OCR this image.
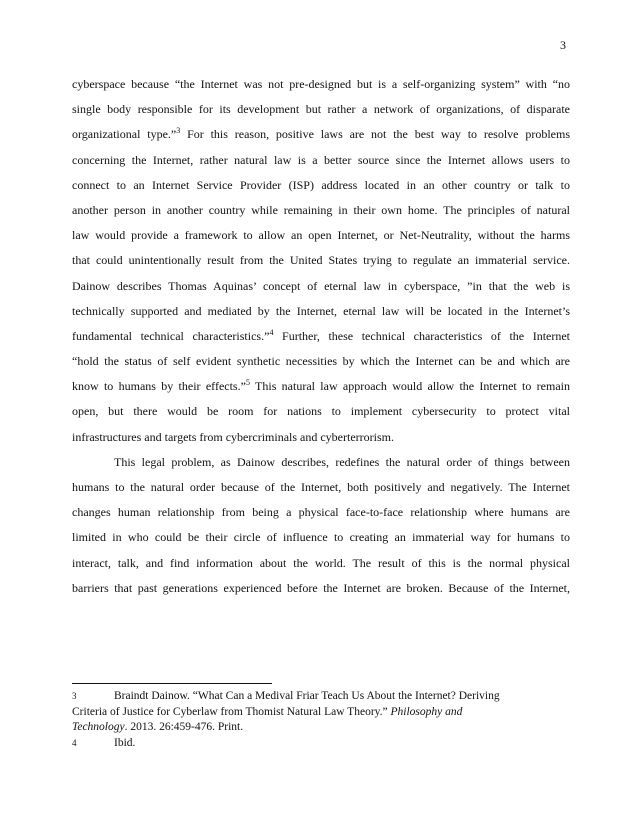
3
cyberspace because “the Internet was not pre-designed but is a self-organizing system” with “no
single body responsible for its development but rather a network of organizations, of disparate
organizational type.”$^3$ For this reason, positive laws are not the best way to resolve problems
concerning the Internet, rather natural law is a better source since the Internet allows users to
connect to an Internet Service Provider (ISP) address located in an other country or talk to
another person in another country while remaining in their own home. The principles of natural
law would provide a framework to allow an open Internet, or Net-Neutrality, without the harms
that could unintentionally result from the United States trying to regulate an immaterial service.
Dainow describes Thomas Aquinas’ concept of eternal law in cyberspace, ”in that the web is
technically supported and mediated by the Internet, eternal law will be located in the Internet’s
fundamental technical characteristics.”$^4$ Further, these technical characteristics of the Internet
“hold the status of self evident synthetic necessities by which the Internet can be and which are
know to humans by their effects.”$^5$ This natural law approach would allow the Internet to remain
open, but there would be room for nations to implement cybersecurity to protect vital
infrastructures and targets from cybercriminals and cyberterrorism.
This legal problem, as Dainow describes, redefines the natural order of things between
humans to the natural order because of the Internet, both positively and negatively. The Internet
changes human relationship from being a physical face-to-face relationship where humans are
limited in who could be their circle of influence to creating an immaterial way for humans to
interact, talk, and find information about the world. The result of this is the normal physical
barriers that past generations experienced before the Internet are broken. Because of the Internet,
3	Braindt Dainow. “What Can a Medival Friar Teach Us About the Internet? Deriving
Criteria of Justice for Cyberlaw from Thomist Natural Law Theory.” Philosophy and
Technology. 2013. 26:459-476. Print.
4	Ibid.
